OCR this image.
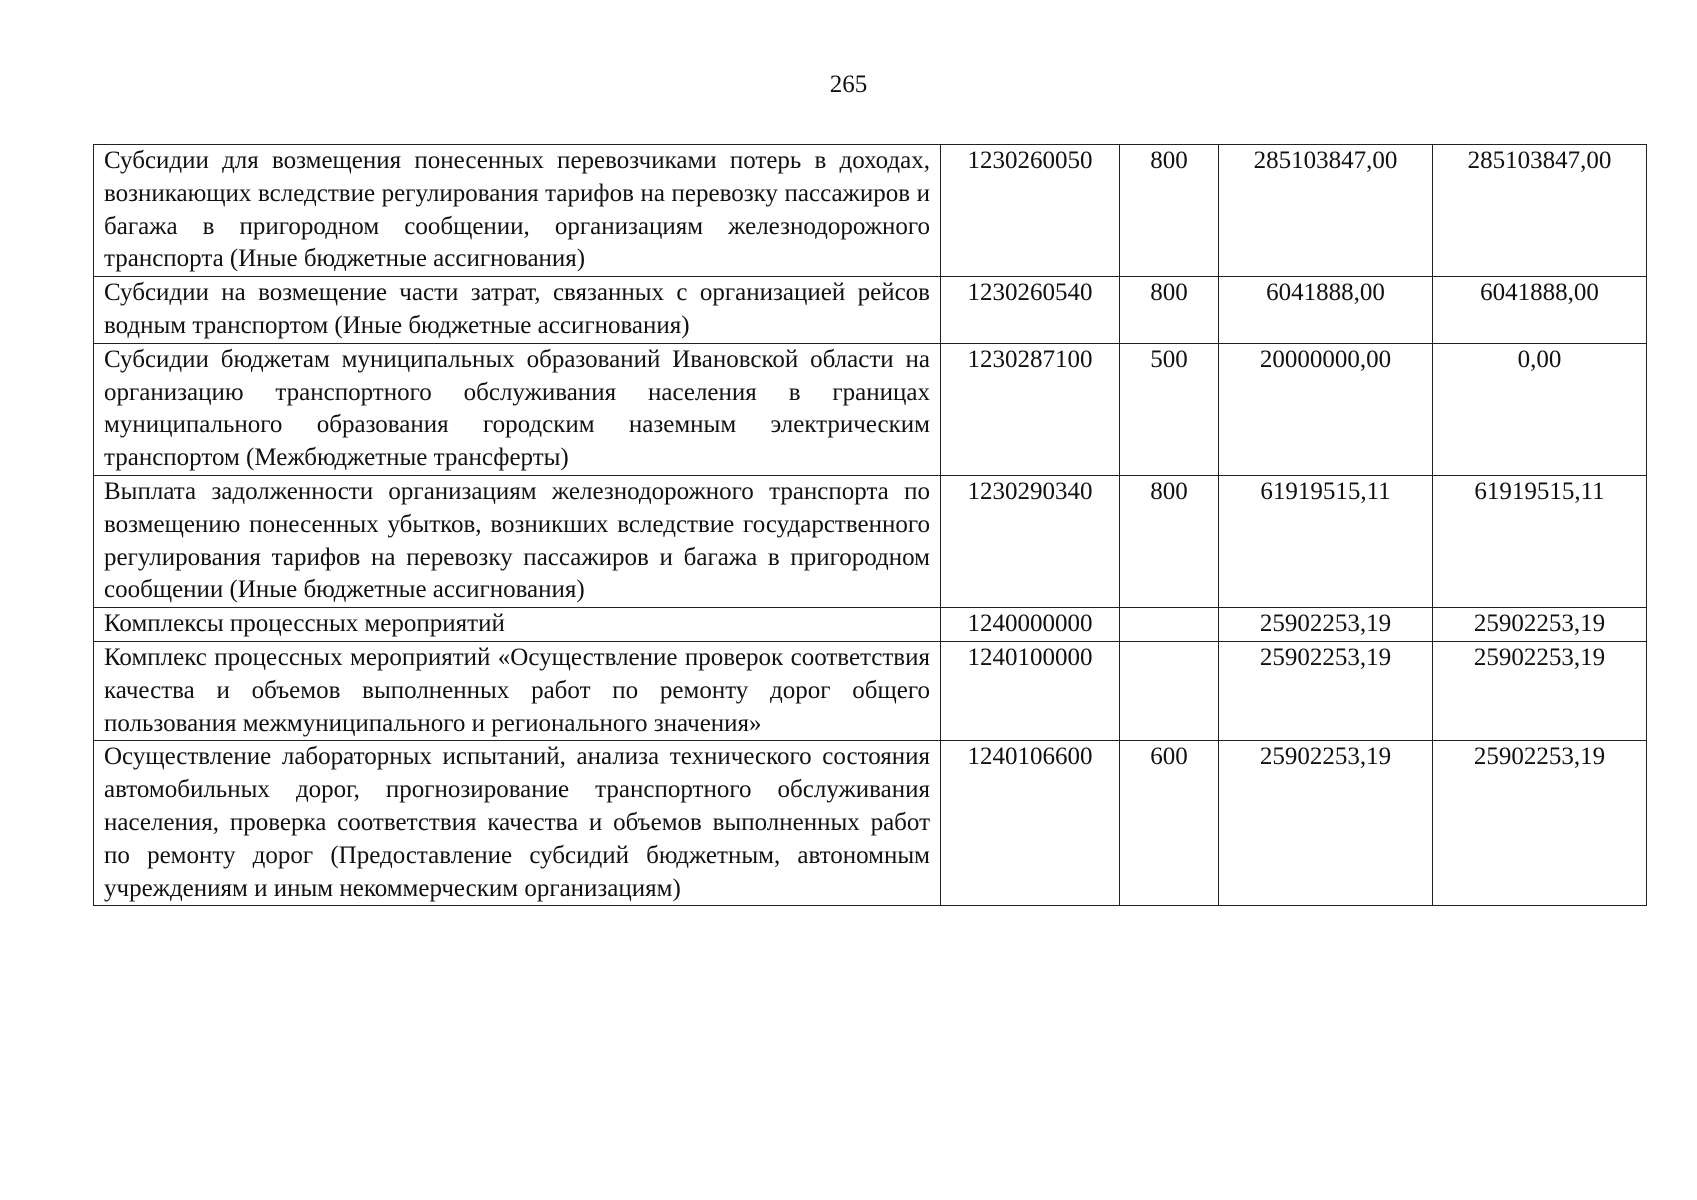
265
Субсидии для возмещения понесенных перевозчиками потерь в доходах, возникающих вследствие регулирования тарифов на перевозку пассажиров и багажа в пригородном сообщении, организациям железнодорожного транспорта (Иные бюджетные ассигнования)	1230260050	800	285103847,00	285103847,00
Субсидии на возмещение части затрат, связанных с организацией рейсов водным транспортом (Иные бюджетные ассигнования)	1230260540	800	6041888,00	6041888,00
Субсидии бюджетам муниципальных образований Ивановской области на организацию транспортного обслуживания населения в границах муниципального образования городским наземным электрическим транспортом (Межбюджетные трансферты)	1230287100	500	20000000,00	0,00
Выплата задолженности организациям железнодорожного транспорта по возмещению понесенных убытков, возникших вследствие государственного регулирования тарифов на перевозку пассажиров и багажа в пригородном сообщении (Иные бюджетные ассигнования)	1230290340	800	61919515,11	61919515,11
Комплексы процессных мероприятий	1240000000		25902253,19	25902253,19
Комплекс процессных мероприятий «Осуществление проверок соответствия качества и объемов выполненных работ по ремонту дорог общего пользования межмуниципального и регионального значения»	1240100000		25902253,19	25902253,19
Осуществление лабораторных испытаний, анализа технического состояния автомобильных дорог, прогнозирование транспортного обслуживания населения, проверка соответствия качества и объемов выполненных работ по ремонту дорог (Предоставление субсидий бюджетным, автономным учреждениям и иным некоммерческим организациям)	1240106600	600	25902253,19	25902253,19
